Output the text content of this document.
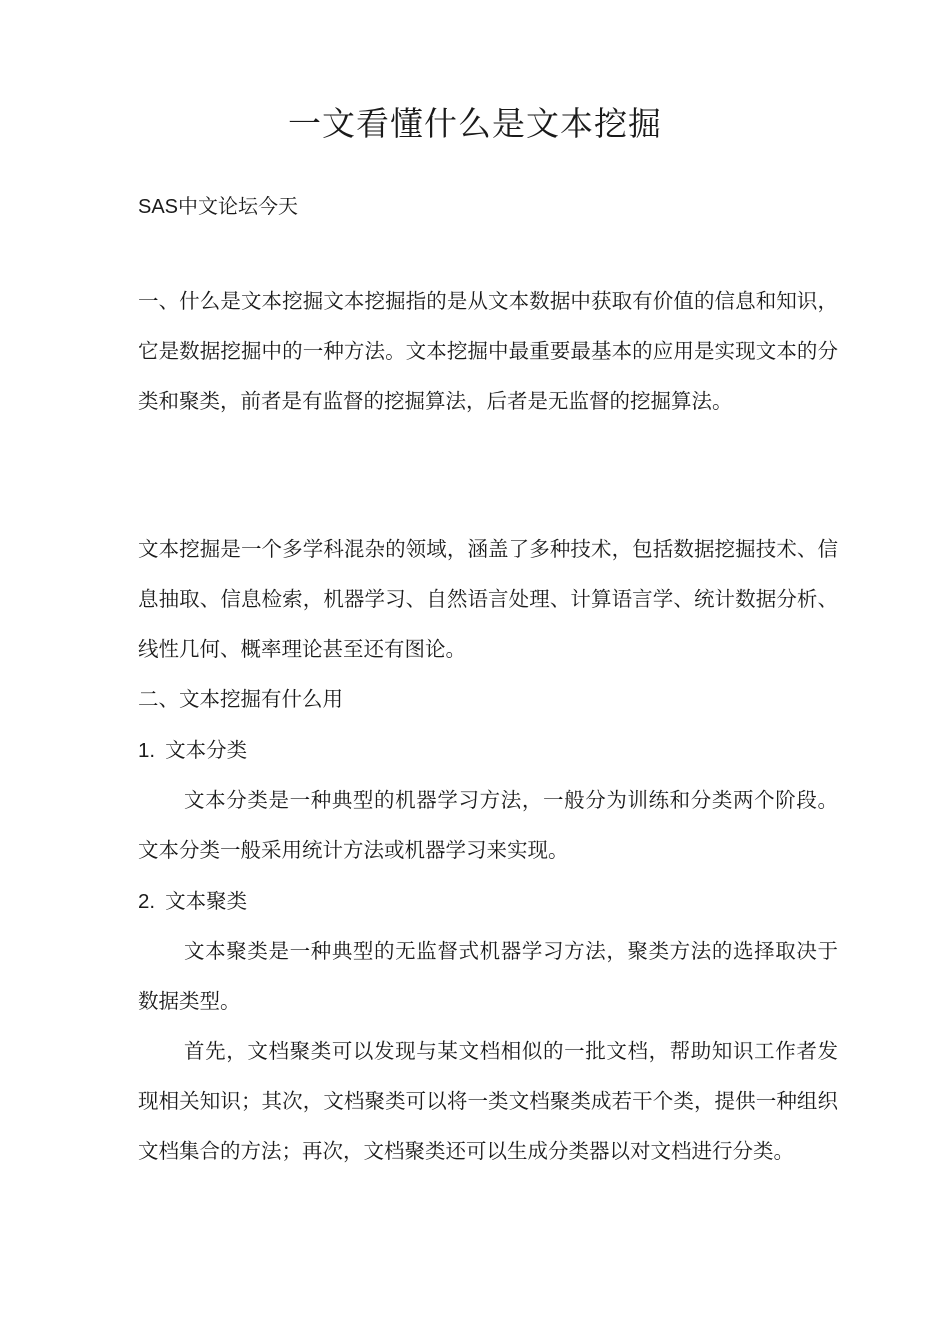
一文看懂什么是文本挖掘

SAS中文论坛今天

一、什么是文本挖掘文本挖掘指的是从文本数据中获取有价值的信息和知识，它是数据挖掘中的一种方法。文本挖掘中最重要最基本的应用是实现文本的分类和聚类，前者是有监督的挖掘算法，后者是无监督的挖掘算法。

文本挖掘是一个多学科混杂的领域，涵盖了多种技术，包括数据挖掘技术、信息抽取、信息检索，机器学习、自然语言处理、计算语言学、统计数据分析、线性几何、概率理论甚至还有图论。

二、文本挖掘有什么用

1. 文本分类

文本分类是一种典型的机器学习方法，一般分为训练和分类两个阶段。文本分类一般采用统计方法或机器学习来实现。

2. 文本聚类

文本聚类是一种典型的无监督式机器学习方法，聚类方法的选择取决于数据类型。

首先，文档聚类可以发现与某文档相似的一批文档，帮助知识工作者发现相关知识；其次，文档聚类可以将一类文档聚类成若干个类，提供一种组织文档集合的方法；再次，文档聚类还可以生成分类器以对文档进行分类。
